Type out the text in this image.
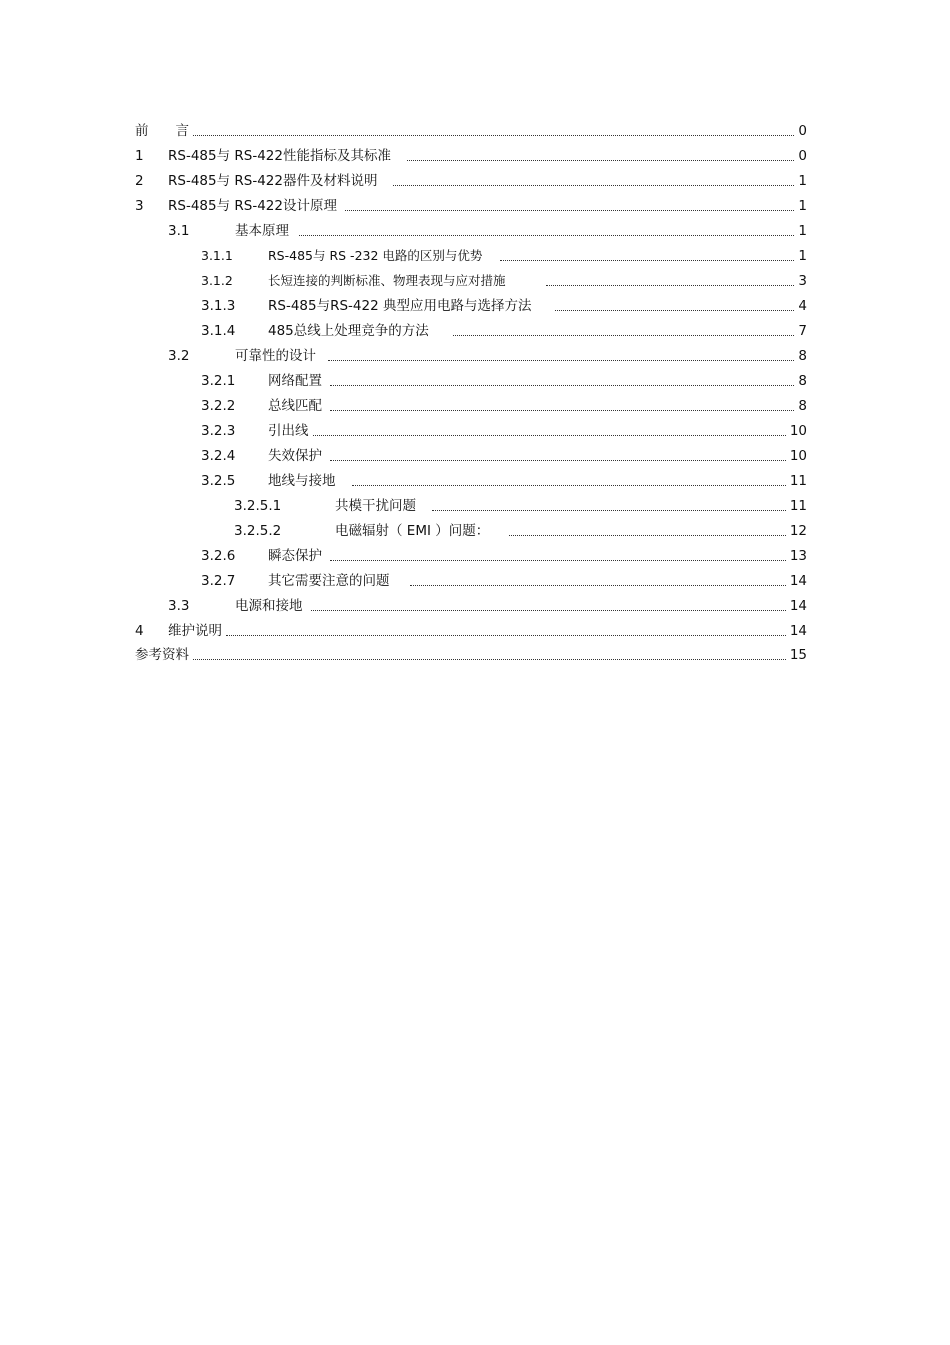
前　　言	0
1	RS-485与 RS-422性能指标及其标准	0
2	RS-485与 RS-422器件及材料说明	1
3	RS-485与 RS-422设计原理	1
3.1	基本原理	1
3.1.1	RS-485与 RS -232 电路的区别与优势	1
3.1.2	长短连接的判断标准、物理表现与应对措施	3
3.1.3	RS-485与RS-422 典型应用电路与选择方法	4
3.1.4	485总线上处理竞争的方法	7
3.2	可靠性的设计	8
3.2.1	网络配置	8
3.2.2	总线匹配	8
3.2.3	引出线	10
3.2.4	失效保护	10
3.2.5	地线与接地	11
3.2.5.1	共模干扰问题	11
3.2.5.2	电磁辐射（ EMI ）问题：	12
3.2.6	瞬态保护	13
3.2.7	其它需要注意的问题	14
3.3	电源和接地	14
4	维护说明	14
参考资料	15
